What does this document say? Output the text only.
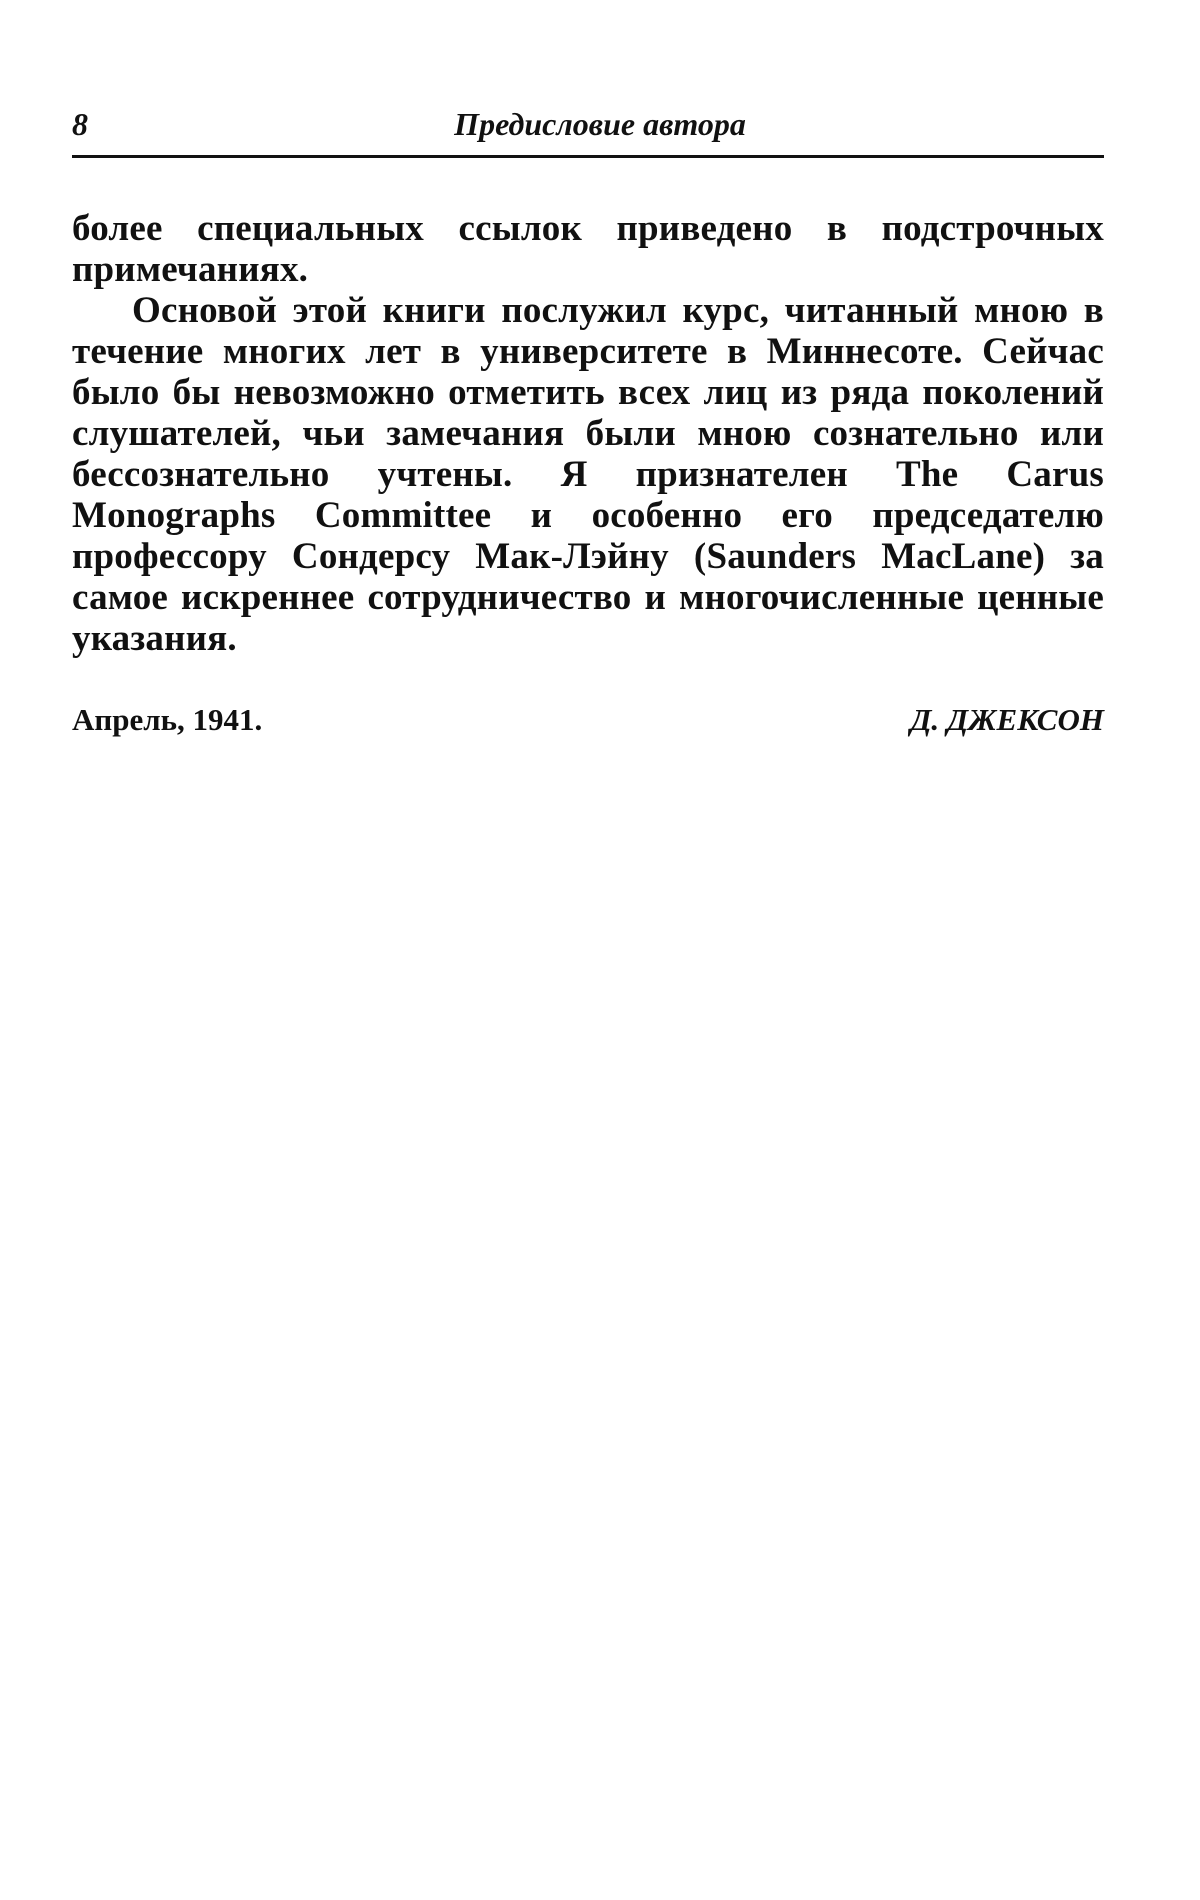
8	Предисловие автора

более специальных ссылок приведено в подстрочных примечаниях.

Основой этой книги послужил курс, читанный мною в течение многих лет в университете в Миннесоте. Сейчас было бы невозможно отметить всех лиц из ряда поколений слушателей, чьи замечания были мною сознательно или бессознательно учтены. Я признателен The Carus Monographs Committee и особенно его председателю профессору Сондерсу Мак-Лэйну (Saunders MacLane) за самое искреннее сотрудничество и многочисленные ценные указания.

Апрель, 1941.	Д. ДЖЕКСОН
